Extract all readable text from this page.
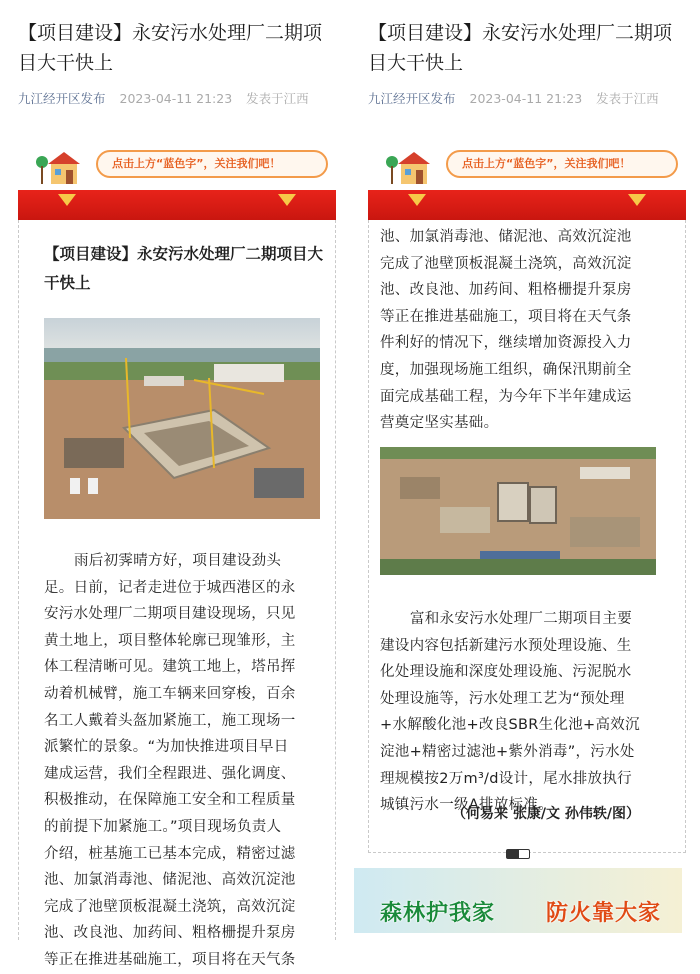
【项目建设】永安污水处理厂二期项目大干快上
九江经开区发布 2023-04-11 21:23 发表于江西
点击上方“蓝色字”，关注我们吧！
【项目建设】永安污水处理厂二期项目大干快上
雨后初霁晴方好，项目建设劲头
足。日前，记者走进位于城西港区的永
安污水处理厂二期项目建设现场，只见
黄土地上，项目整体轮廓已现雏形，主
体工程清晰可见。建筑工地上，塔吊挥
动着机械臂，施工车辆来回穿梭，百余
名工人戴着头盔加紧施工，施工现场一
派繁忙的景象。“为加快推进项目早日
建成运营，我们全程跟进、强化调度、
积极推动，在保障施工安全和工程质量
的前提下加紧施工。”项目现场负责人
介绍，桩基施工已基本完成，精密过滤
池、加氯消毒池、储泥池、高效沉淀池
完成了池壁顶板混凝土浇筑，高效沉淀
池、改良池、加药间、粗格栅提升泵房
等正在推进基础施工，项目将在天气条
【项目建设】永安污水处理厂二期项目大干快上
九江经开区发布 2023-04-11 21:23 发表于江西
点击上方“蓝色字”，关注我们吧！
池、加氯消毒池、储泥池、高效沉淀池
完成了池壁顶板混凝土浇筑，高效沉淀
池、改良池、加药间、粗格栅提升泵房
等正在推进基础施工，项目将在天气条
件利好的情况下，继续增加资源投入力
度，加强现场施工组织，确保汛期前全
面完成基础工程，为今年下半年建成运
营奠定坚实基础。
富和永安污水处理厂二期项目主要
建设内容包括新建污水预处理设施、生
化处理设施和深度处理设施、污泥脱水
处理设施等，污水处理工艺为“预处理
+水解酸化池+改良SBR生化池+高效沉
淀池+精密过滤池+紫外消毒”，污水处
理规模按2万m³/d设计，尾水排放执行
城镇污水一级A排放标准。
（何易来 张康/文 孙伟轶/图）
森林护我家 防火靠大家
